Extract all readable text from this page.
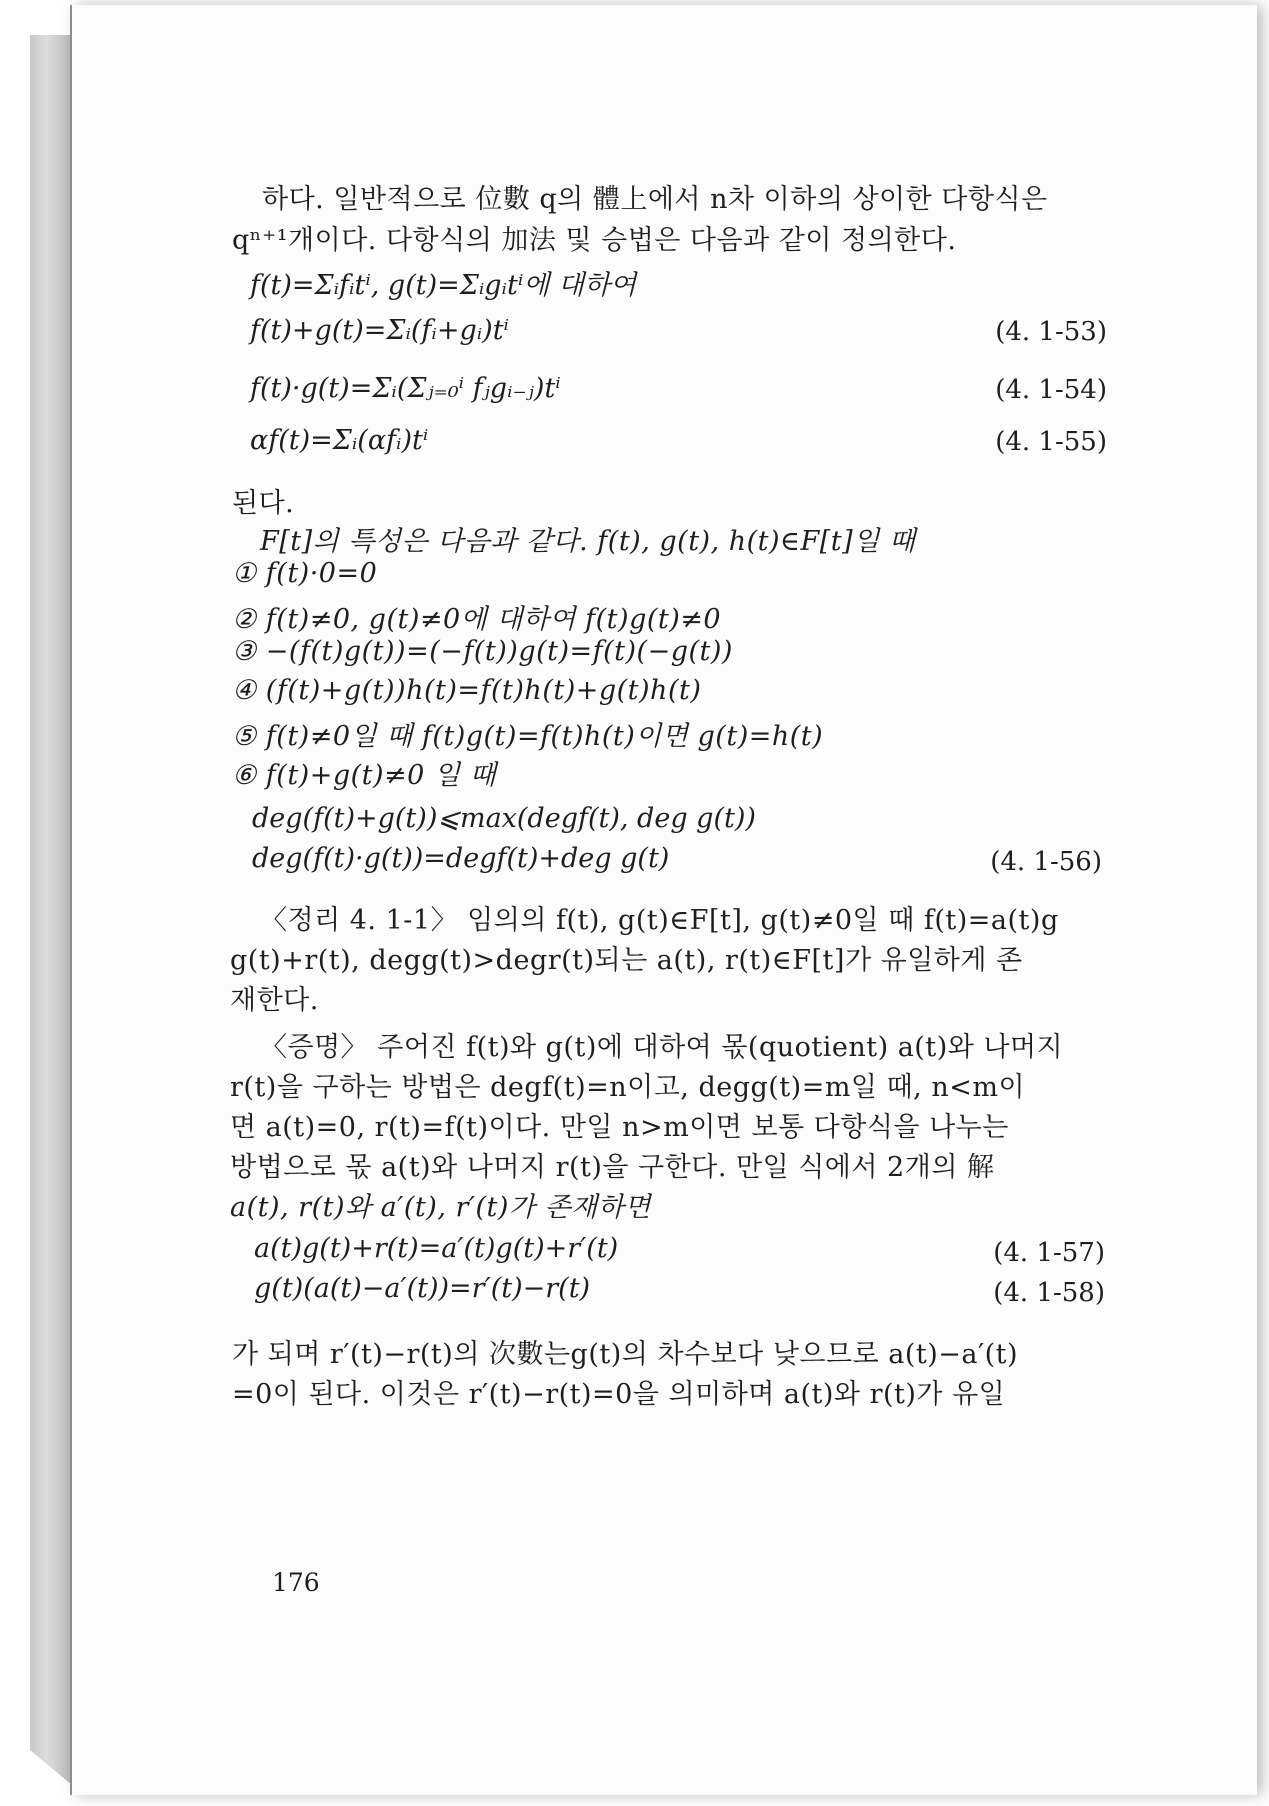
하다. 일반적으로 位數 q의 體上에서 n차 이하의 상이한 다항식은
qⁿ⁺¹개이다. 다항식의 加法 및 승법은 다음과 같이 정의한다.
f(t)=Σᵢfᵢtⁱ, g(t)=Σᵢgᵢtⁱ에 대하여
f(t)+g(t)=Σᵢ(fᵢ+gᵢ)tⁱ	(4. 1-53)
f(t)·g(t)=Σᵢ(Σⱼ₌₀ⁱ fⱼgᵢ₋ⱼ)tⁱ	(4. 1-54)
αf(t)=Σᵢ(αfᵢ)tⁱ	(4. 1-55)
된다.
F[t]의 특성은 다음과 같다. f(t), g(t), h(t)∈F[t]일 때
① f(t)·0=0
② f(t)≠0, g(t)≠0에 대하여 f(t)g(t)≠0
③ −(f(t)g(t))=(−f(t))g(t)=f(t)(−g(t))
④ (f(t)+g(t))h(t)=f(t)h(t)+g(t)h(t)
⑤ f(t)≠0일 때 f(t)g(t)=f(t)h(t)이면 g(t)=h(t)
⑥ f(t)+g(t)≠0 일 때
deg(f(t)+g(t))⩽max(degf(t), deg g(t))
deg(f(t)·g(t))=degf(t)+deg g(t)	(4. 1-56)
〈정리 4. 1-1〉 임의의 f(t), g(t)∈F[t], g(t)≠0일 때 f(t)=a(t)g
g(t)+r(t), degg(t)>degr(t)되는 a(t), r(t)∈F[t]가 유일하게 존
재한다.
〈증명〉 주어진 f(t)와 g(t)에 대하여 몫(quotient) a(t)와 나머지
r(t)을 구하는 방법은 degf(t)=n이고, degg(t)=m일 때, n<m이
면 a(t)=0, r(t)=f(t)이다. 만일 n>m이면 보통 다항식을 나누는
방법으로 몫 a(t)와 나머지 r(t)을 구한다. 만일 식에서 2개의 解
a(t), r(t)와 a′(t), r′(t)가 존재하면
a(t)g(t)+r(t)=a′(t)g(t)+r′(t)	(4. 1-57)
g(t)(a(t)−a′(t))=r′(t)−r(t)	(4. 1-58)
가 되며 r′(t)−r(t)의 次數는g(t)의 차수보다 낮으므로 a(t)−a′(t)
=0이 된다. 이것은 r′(t)−r(t)=0을 의미하며 a(t)와 r(t)가 유일
176
